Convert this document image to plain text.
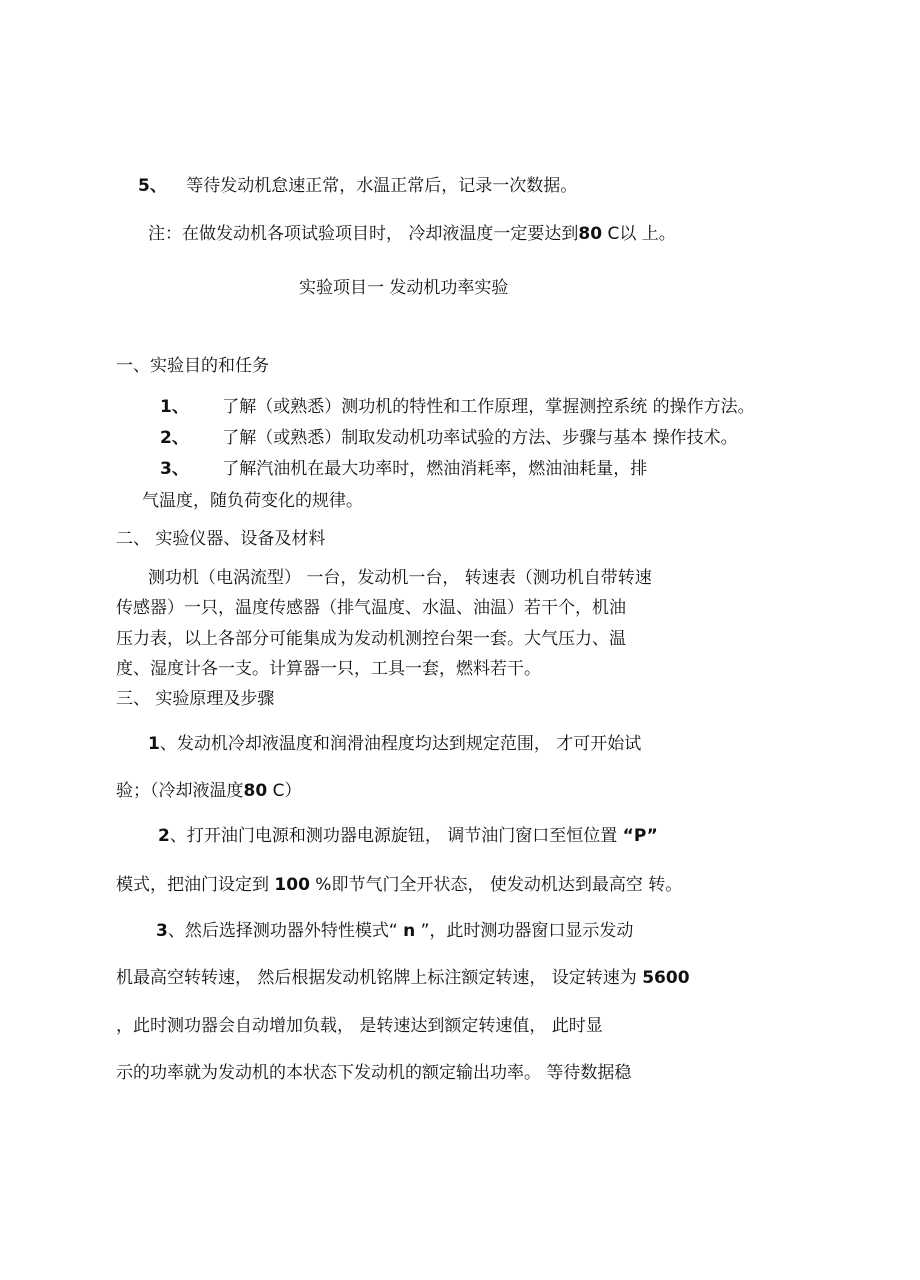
5、 等待发动机怠速正常，水温正常后，记录一次数据。

注：在做发动机各项试验项目时， 冷却液温度一定要达到80 C以 上。

实验项目一 发动机功率实验

一、实验目的和任务

1、 了解（或熟悉）测功机的特性和工作原理，掌握测控系统 的操作方法。

2、 了解（或熟悉）制取发动机功率试验的方法、步骤与基本 操作技术。

3、 了解汽油机在最大功率时，燃油消耗率，燃油油耗量，排

气温度，随负荷变化的规律。

二、 实验仪器、设备及材料

测功机（电涡流型） 一台，发动机一台， 转速表（测功机自带转速

传感器）一只，温度传感器（排气温度、水温、油温）若干个，机油

压力表，以上各部分可能集成为发动机测控台架一套。大气压力、温

度、湿度计各一支。计算器一只，工具一套，燃料若干。

三、 实验原理及步骤

1、发动机冷却液温度和润滑油程度均达到规定范围， 才可开始试

验；（冷却液温度80 C）

2、打开油门电源和测功器电源旋钮， 调节油门窗口至恒位置 “P”

模式，把油门设定到 100 %即节气门全开状态， 使发动机达到最高空 转。

3、然后选择测功器外特性模式“ n ”，此时测功器窗口显示发动

机最高空转转速， 然后根据发动机铭牌上标注额定转速， 设定转速为 5600

，此时测功器会自动增加负载， 是转速达到额定转速值， 此时显

示的功率就为发动机的本状态下发动机的额定输出功率。 等待数据稳
